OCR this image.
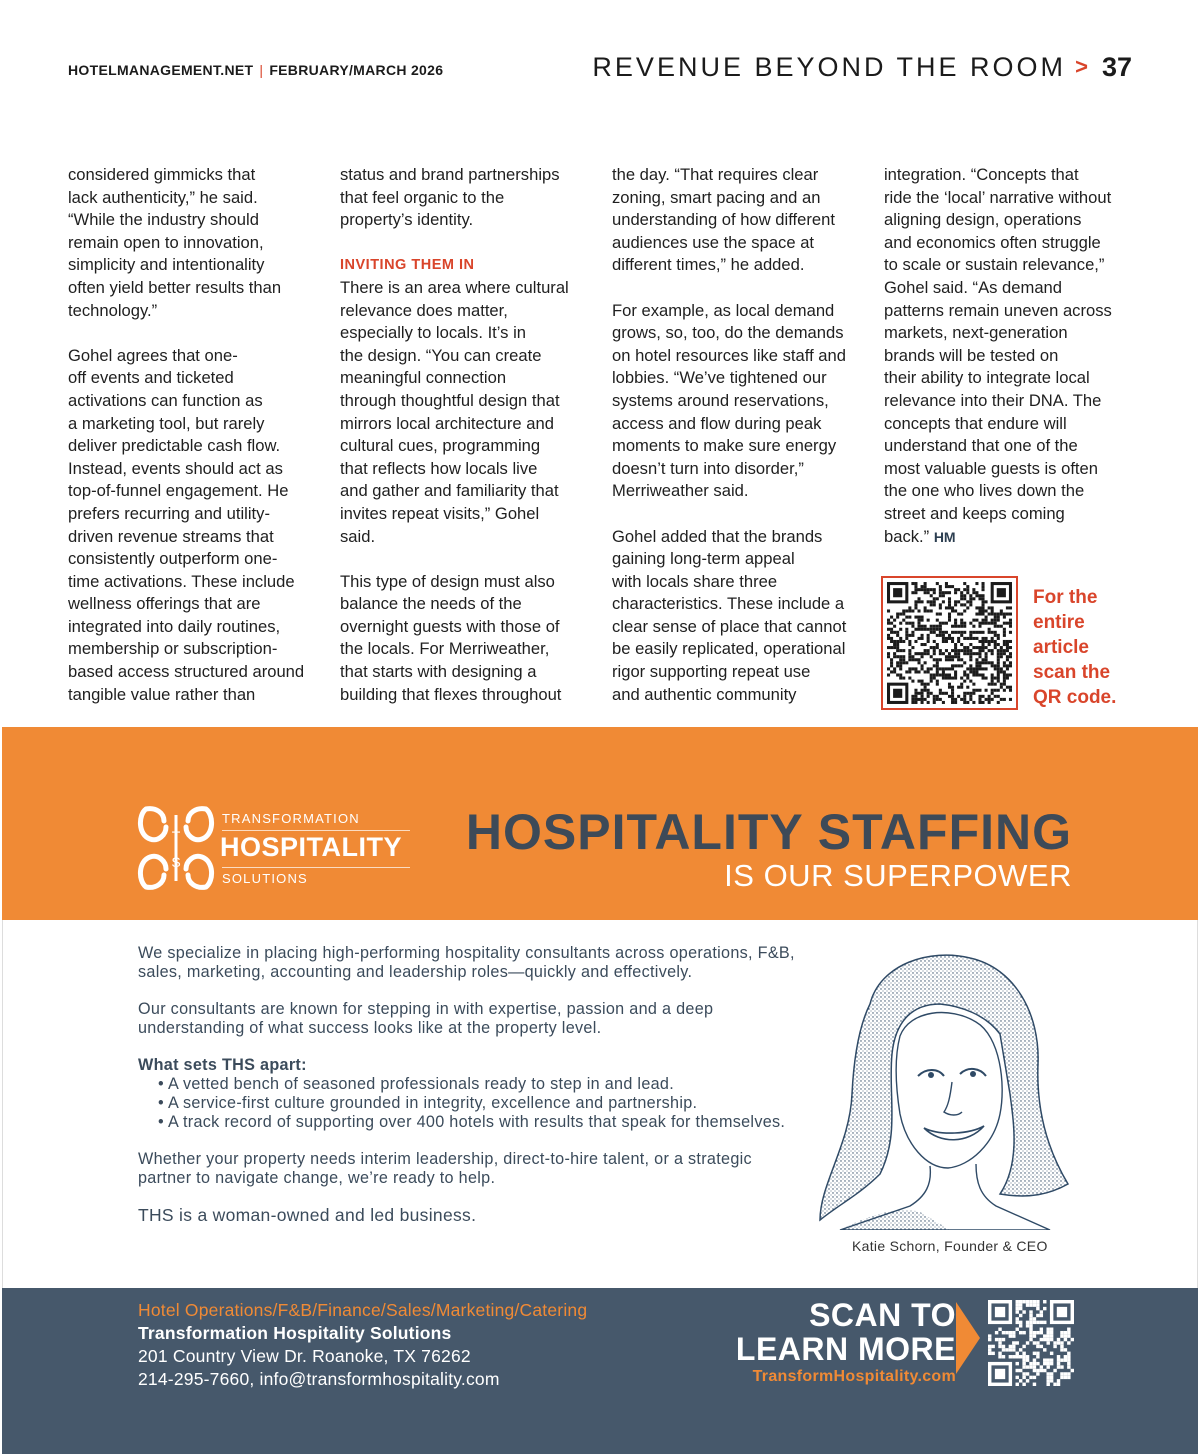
HOTELMANAGEMENT.NET | FEBRUARY/MARCH 2026	REVENUE BEYOND THE ROOM > 37

considered gimmicks that
lack authenticity,” he said.
“While the industry should
remain open to innovation,
simplicity and intentionality
often yield better results than
technology.”

Gohel agrees that one-
off events and ticketed
activations can function as
a marketing tool, but rarely
deliver predictable cash flow.
Instead, events should act as
top-of-funnel engagement. He
prefers recurring and utility-
driven revenue streams that
consistently outperform one-
time activations. These include
wellness offerings that are
integrated into daily routines,
membership or subscription-
based access structured around
tangible value rather than

status and brand partnerships
that feel organic to the
property’s identity.

INVITING THEM IN

There is an area where cultural
relevance does matter,
especially to locals. It’s in
the design. “You can create
meaningful connection
through thoughtful design that
mirrors local architecture and
cultural cues, programming
that reflects how locals live
and gather and familiarity that
invites repeat visits,” Gohel
said.

This type of design must also
balance the needs of the
overnight guests with those of
the locals. For Merriweather,
that starts with designing a
building that flexes throughout

the day. “That requires clear
zoning, smart pacing and an
understanding of how different
audiences use the space at
different times,” he added.

For example, as local demand
grows, so, too, do the demands
on hotel resources like staff and
lobbies. “We’ve tightened our
systems around reservations,
access and flow during peak
moments to make sure energy
doesn’t turn into disorder,”
Merriweather said.

Gohel added that the brands
gaining long-term appeal
with locals share three
characteristics. These include a
clear sense of place that cannot
be easily replicated, operational
rigor supporting repeat use
and authentic community

integration. “Concepts that
ride the ‘local’ narrative without
aligning design, operations
and economics often struggle
to scale or sustain relevance,”
Gohel said. “As demand
patterns remain uneven across
markets, next-generation
brands will be tested on
their ability to integrate local
relevance into their DNA. The
concepts that endure will
understand that one of the
most valuable guests is often
the one who lives down the
street and keeps coming
back.” HM

For the
entire
article
scan the
QR code.
T
S
TRANSFORMATION
HOSPITALITY
SOLUTIONS
HOSPITALITY STAFFING
IS OUR SUPERPOWER

We specialize in placing high-performing hospitality consultants across operations, F&B, sales, marketing, accounting and leadership roles—quickly and effectively.

Our consultants are known for stepping in with expertise, passion and a deep understanding of what success looks like at the property level.

What sets THS apart:

• A vetted bench of seasoned professionals ready to step in and lead.
• A service-first culture grounded in integrity, excellence and partnership.
• A track record of supporting over 400 hotels with results that speak for themselves.

Whether your property needs interim leadership, direct-to-hire talent, or a strategic partner to navigate change, we’re ready to help.

THS is a woman-owned and led business.

Katie Schorn, Founder & CEO
Hotel Operations/F&B/Finance/Sales/Marketing/Catering
Transformation Hospitality Solutions
201 Country View Dr. Roanoke, TX 76262
214-295-7660, info@transformhospitality.com
SCAN TO
LEARN MORE
TransformHospitality.com
